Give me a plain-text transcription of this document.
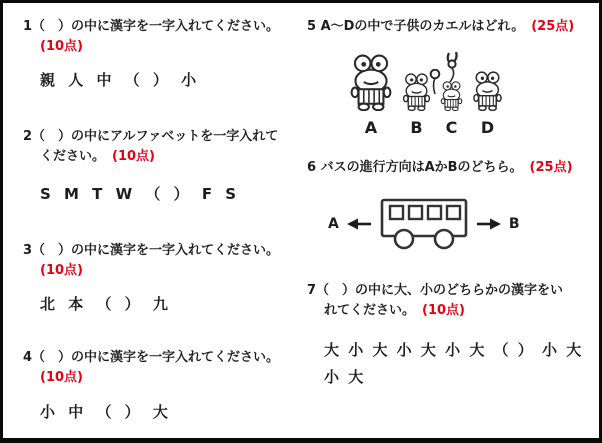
1（　）の中に漢字を一字入れてください。
(10点)
親 人 中 （ ） 小
2（　）の中にアルファベットを一字入れて
ください。 (10点)
S M T W （ ） F S
3（　）の中に漢字を一字入れてください。
(10点)
北 本 （ ） 九
4（　）の中に漢字を一字入れてください。
(10点)
小 中 （ ） 大
5 A～Dの中で子供のカエルはどれ。 (25点)
A B C D
6 バスの進行方向はAかBのどちら。 (25点)
A	B
7（　）の中に大、小のどちらかの漢字をい
れてください。 (10点)
大 小 大 小 大 小 大 （ ） 小 大
小 大
